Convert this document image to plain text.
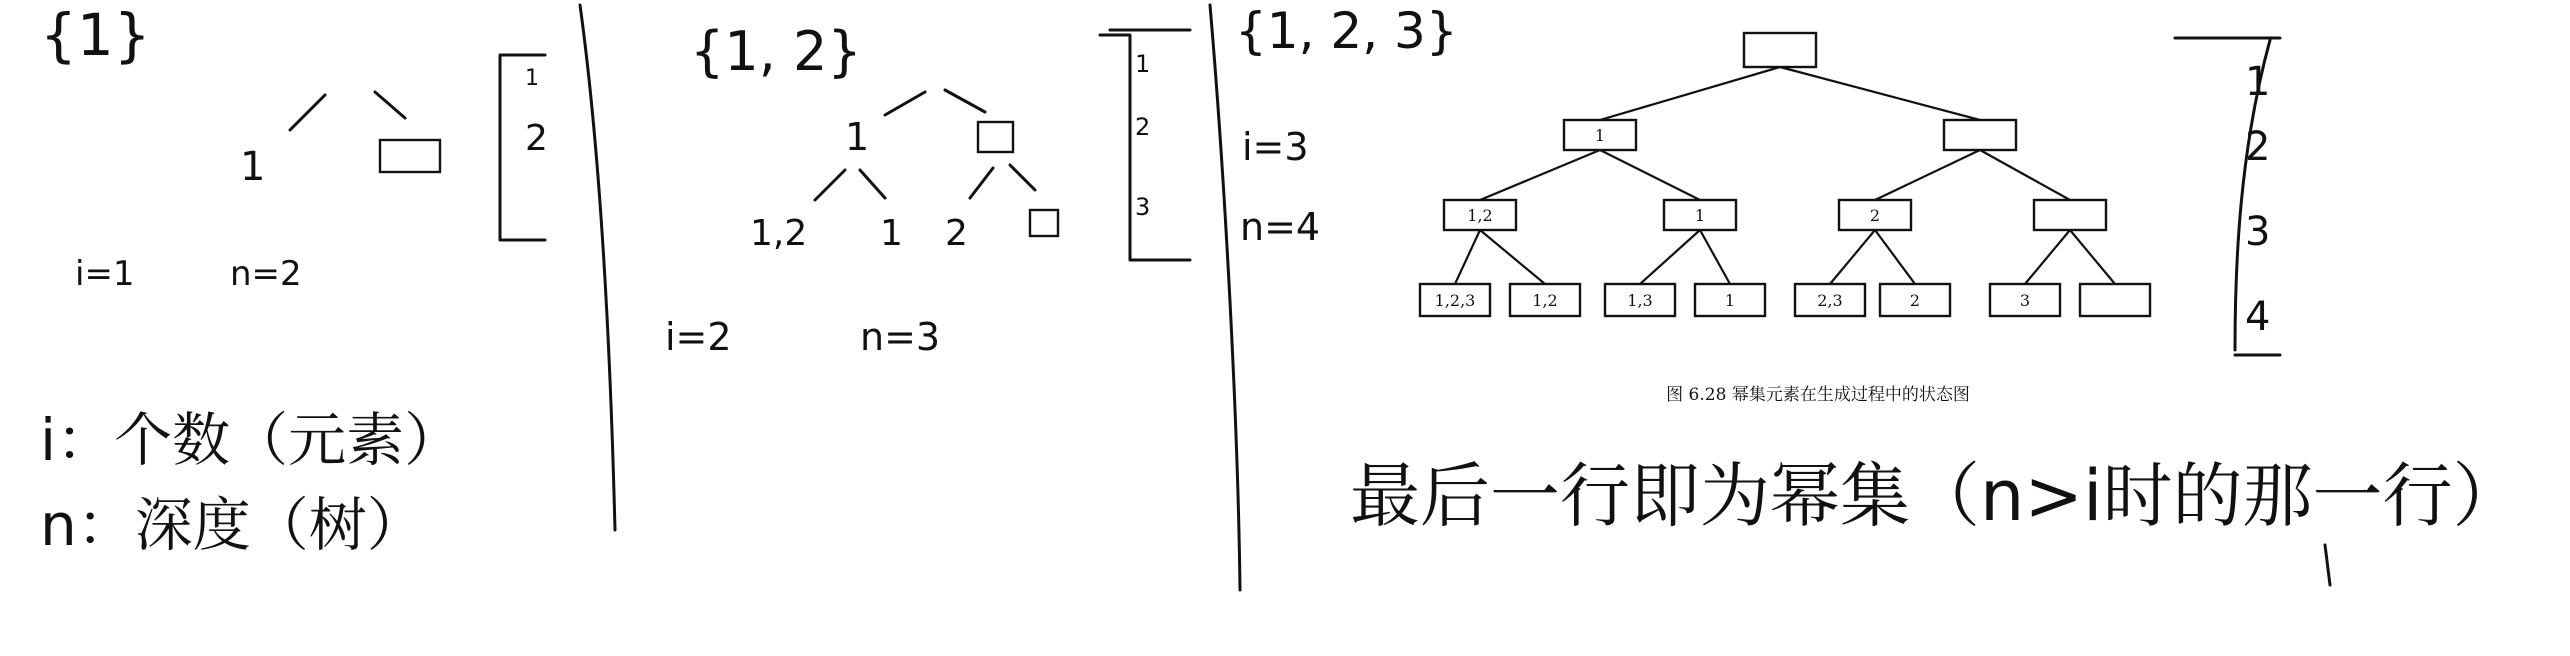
{1}
1
1
2
i=1	n=2
i：个数（元素）
n：深度（树）
{1, 2}
1
1,2 1 2
1
2
3
i=2	n=3
{1, 2, 3}
i=3
n=4
1
1,2	1	2
1,2,3	1,2	1,3	1	2,3	2	3
图 6.28 幂集元素在生成过程中的状态图
1
2
3
4
最后一行即为幂集（n>i时的那一行）
